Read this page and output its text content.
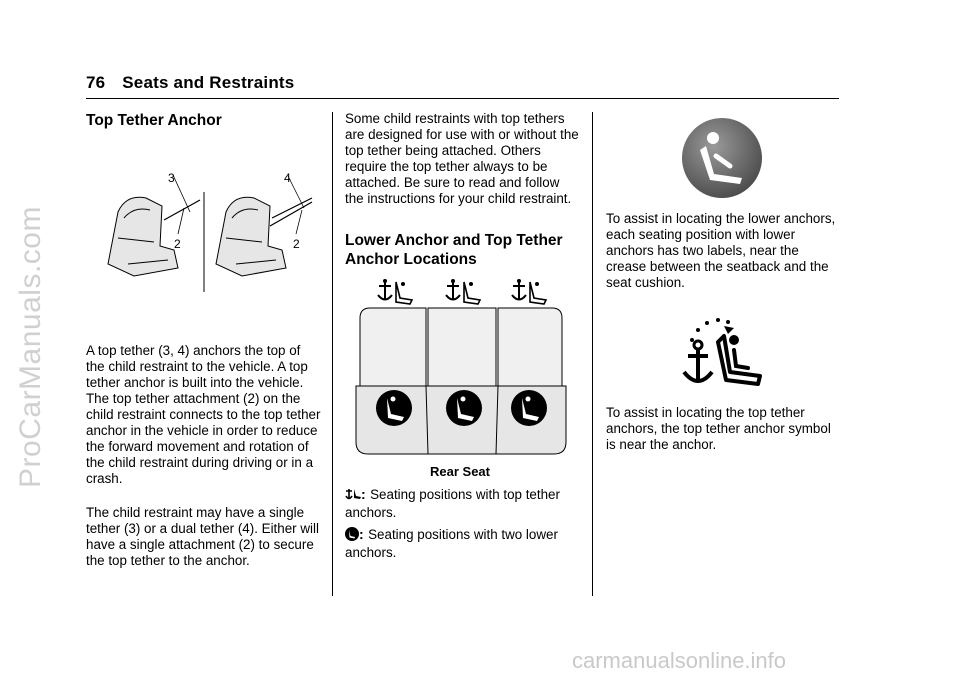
76 Seats and Restraints
Top Tether Anchor
3
2
4
2

A top tether (3, 4) anchors the top of the child restraint to the vehicle. A top tether anchor is built into the vehicle. The top tether attachment (2) on the child restraint connects to the top tether anchor in the vehicle in order to reduce the forward movement and rotation of the child restraint during driving or in a crash.

The child restraint may have a single tether (3) or a dual tether (4). Either will have a single attachment (2) to secure the top tether to the anchor.

Some child restraints with top tethers are designed for use with or without the top tether being attached. Others require the top tether always to be attached. Be sure to read and follow the instructions for your child restraint.

Lower Anchor and Top Tether Anchor Locations
Rear Seat
: Seating positions with top tether anchors.
: Seating positions with two lower anchors.

To assist in locating the lower anchors, each seating position with lower anchors has two labels, near the crease between the seatback and the seat cushion.

To assist in locating the top tether anchors, the top tether anchor symbol is near the anchor.

ProCarManuals.com
carmanualsonline.info
